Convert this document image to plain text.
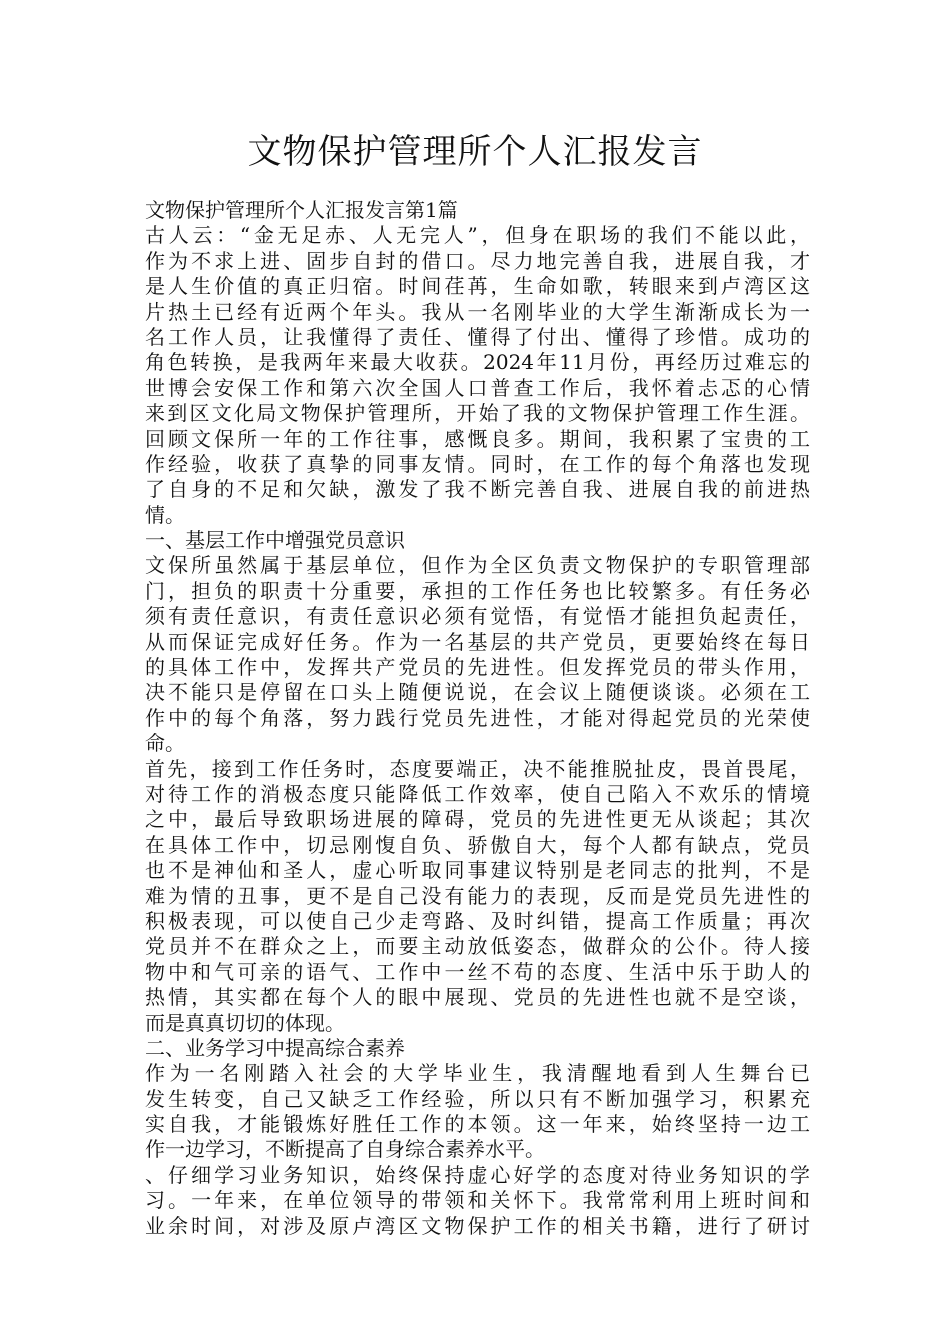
文物保护管理所个人汇报发言
文物保护管理所个人汇报发言第1篇
古人云：“金无足赤、人无完人”，但身在职场的我们不能以此，
作为不求上进、固步自封的借口。尽力地完善自我，进展自我，才
是人生价值的真正归宿。时间荏苒，生命如歌，转眼来到卢湾区这
片热土已经有近两个年头。我从一名刚毕业的大学生渐渐成长为一
名工作人员，让我懂得了责任、懂得了付出、懂得了珍惜。成功的
角色转换，是我两年来最大收获。2024年11月份，再经历过难忘的
世博会安保工作和第六次全国人口普查工作后，我怀着忐忑的心情
来到区文化局文物保护管理所，开始了我的文物保护管理工作生涯。
回顾文保所一年的工作往事，感慨良多。期间，我积累了宝贵的工
作经验，收获了真挚的同事友情。同时，在工作的每个角落也发现
了自身的不足和欠缺，激发了我不断完善自我、进展自我的前进热
情。
一、基层工作中增强党员意识
文保所虽然属于基层单位，但作为全区负责文物保护的专职管理部
门，担负的职责十分重要，承担的工作任务也比较繁多。有任务必
须有责任意识，有责任意识必须有觉悟，有觉悟才能担负起责任，
从而保证完成好任务。作为一名基层的共产党员，更要始终在每日
的具体工作中，发挥共产党员的先进性。但发挥党员的带头作用，
决不能只是停留在口头上随便说说，在会议上随便谈谈。必须在工
作中的每个角落，努力践行党员先进性，才能对得起党员的光荣使
命。
首先，接到工作任务时，态度要端正，决不能推脱扯皮，畏首畏尾，
对待工作的消极态度只能降低工作效率，使自己陷入不欢乐的情境
之中，最后导致职场进展的障碍，党员的先进性更无从谈起；其次
在具体工作中，切忌刚愎自负、骄傲自大，每个人都有缺点，党员
也不是神仙和圣人，虚心听取同事建议特别是老同志的批判，不是
难为情的丑事，更不是自己没有能力的表现，反而是党员先进性的
积极表现，可以使自己少走弯路、及时纠错，提高工作质量；再次
党员并不在群众之上，而要主动放低姿态，做群众的公仆。待人接
物中和气可亲的语气、工作中一丝不苟的态度、生活中乐于助人的
热情，其实都在每个人的眼中展现、党员的先进性也就不是空谈，
而是真真切切的体现。
二、业务学习中提高综合素养
作为一名刚踏入社会的大学毕业生，我清醒地看到人生舞台已
发生转变，自己又缺乏工作经验，所以只有不断加强学习，积累充
实自我，才能锻炼好胜任工作的本领。这一年来，始终坚持一边工
作一边学习，不断提高了自身综合素养水平。
、仔细学习业务知识，始终保持虚心好学的态度对待业务知识的学
习。一年来，在单位领导的带领和关怀下。我常常利用上班时间和
业余时间，对涉及原卢湾区文物保护工作的相关书籍，进行了研讨
